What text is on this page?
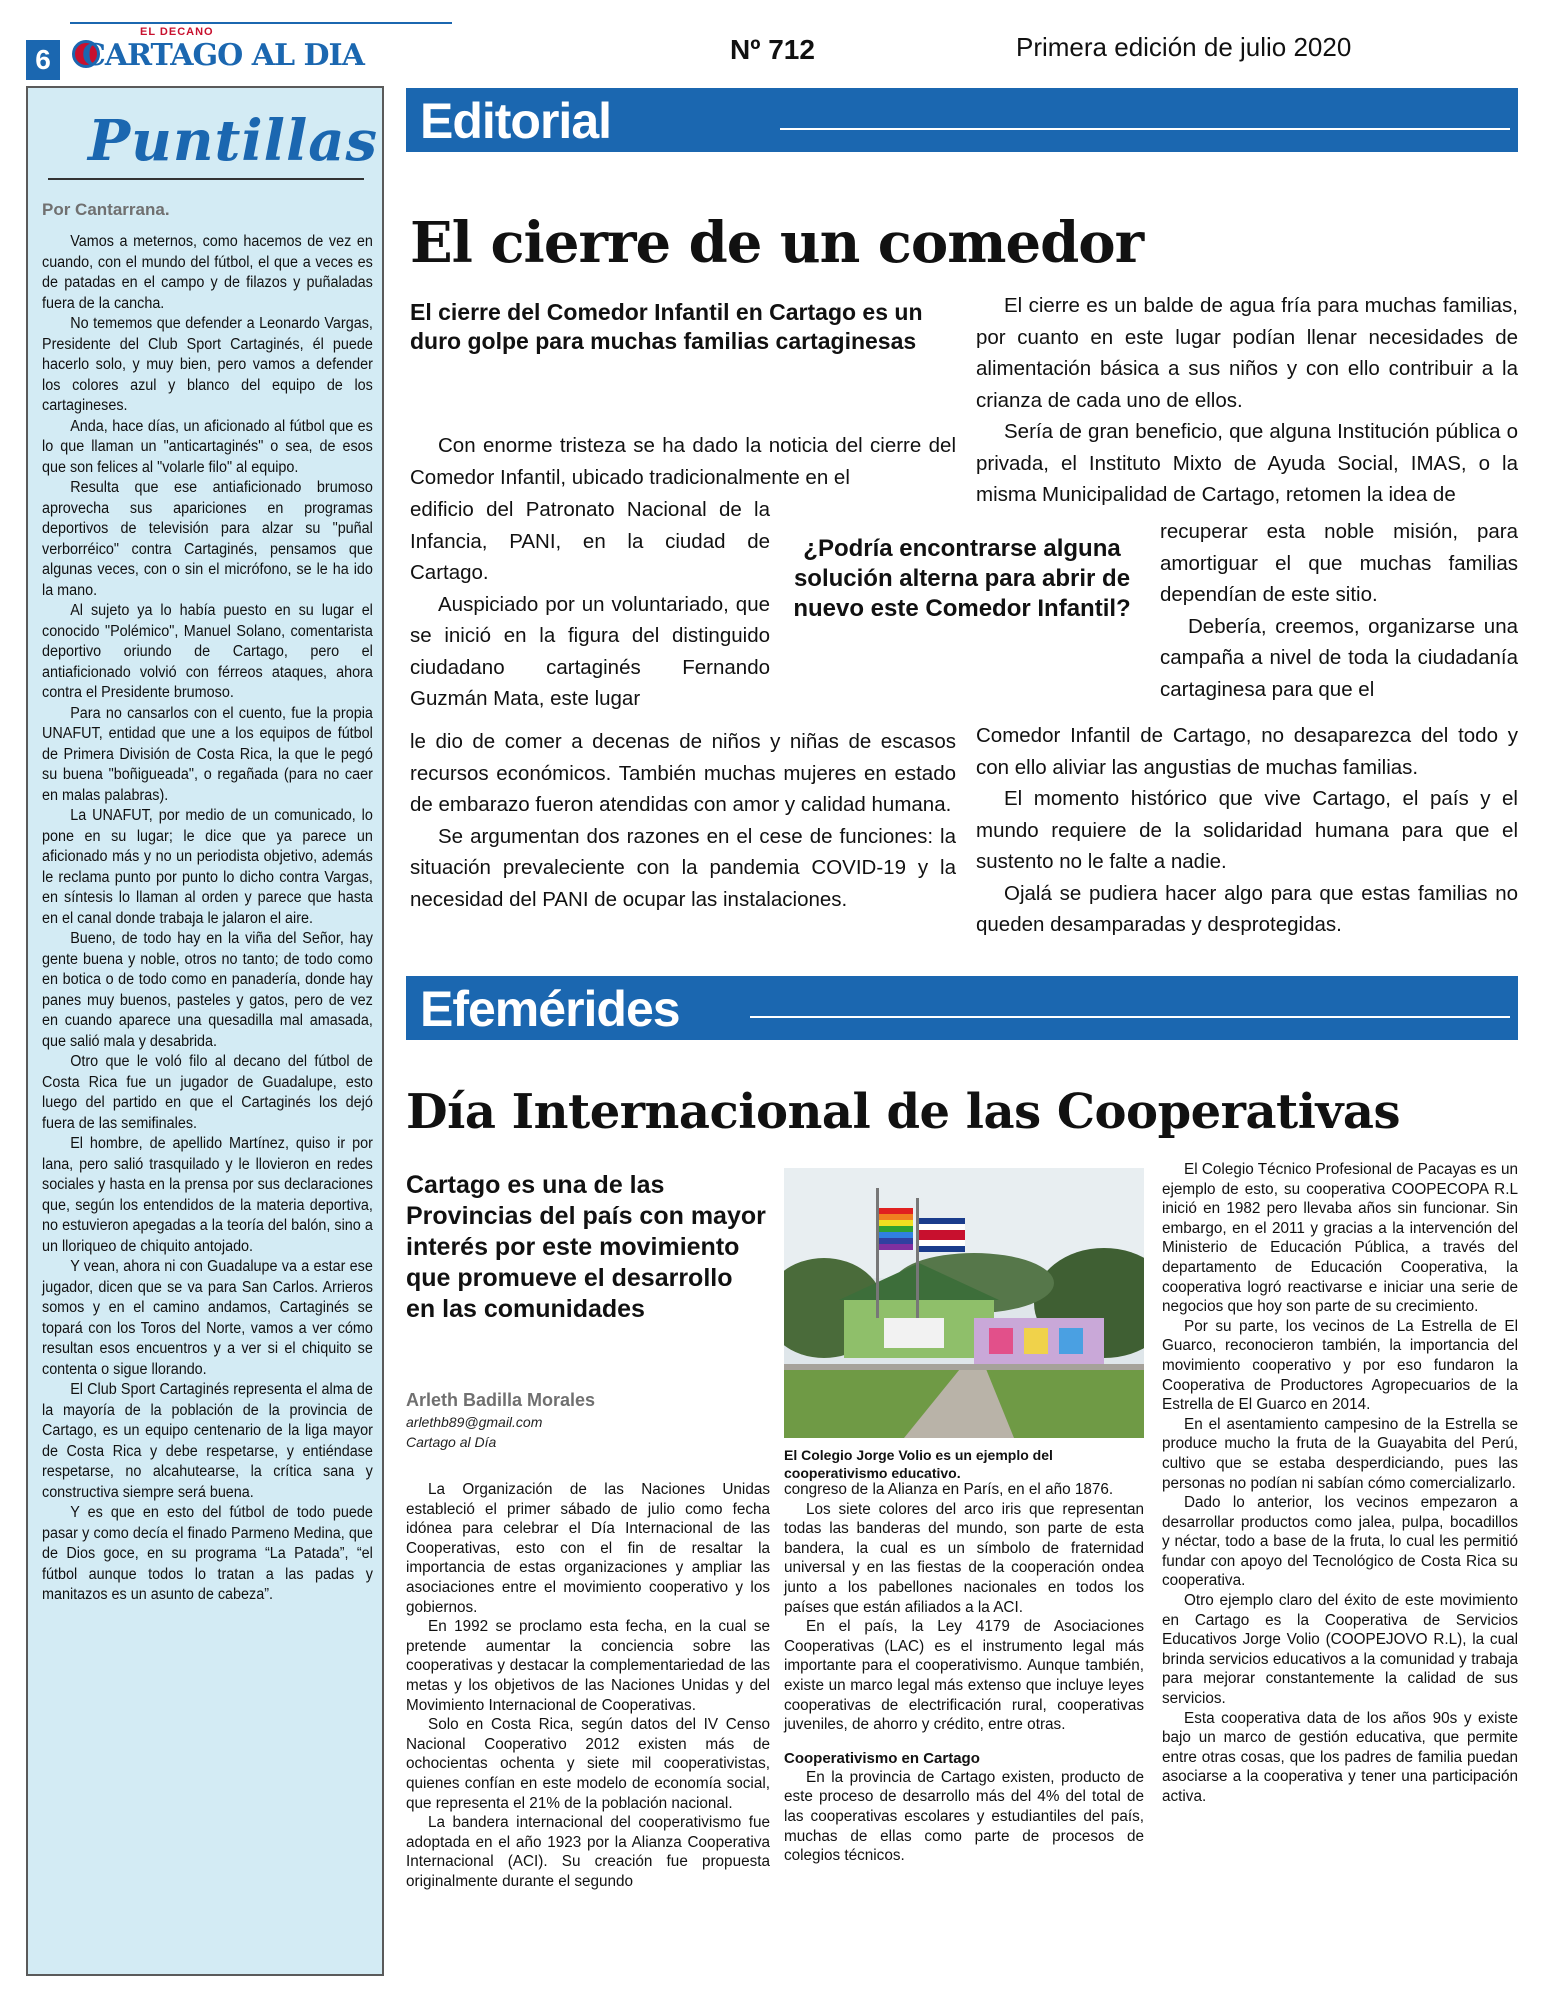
6
EL DECANO
CARTAGO AL DIA	Nº 712	Primera edición de julio 2020
Puntillas
Por Cantarrana.

Vamos a meternos, como hacemos de vez en cuando, con el mundo del fútbol, el que a veces es de patadas en el campo y de filazos y puñaladas fuera de la cancha.

No tememos que defender a Leonardo Vargas, Presidente del Club Sport Cartaginés, él puede hacerlo solo, y muy bien, pero vamos a defender los colores azul y blanco del equipo de los cartagineses.

Anda, hace días, un aficionado al fútbol que es lo que llaman un "anticartaginés" o sea, de esos que son felices al "volarle filo" al equipo.

Resulta que ese antiaficionado brumoso aprovecha sus apariciones en programas deportivos de televisión para alzar su "puñal verborréico" contra Cartaginés, pensamos que algunas veces, con o sin el micrófono, se le ha ido la mano.

Al sujeto ya lo había puesto en su lugar el conocido "Polémico", Manuel Solano, comentarista deportivo oriundo de Cartago, pero el antiaficionado volvió con férreos ataques, ahora contra el Presidente brumoso.

Para no cansarlos con el cuento, fue la propia UNAFUT, entidad que une a los equipos de fútbol de Primera División de Costa Rica, la que le pegó su buena "boñigueada", o regañada (para no caer en malas palabras).

La UNAFUT, por medio de un comunicado, lo pone en su lugar; le dice que ya parece un aficionado más y no un periodista objetivo, además le reclama punto por punto lo dicho contra Vargas, en síntesis lo llaman al orden y parece que hasta en el canal donde trabaja le jalaron el aire.

Bueno, de todo hay en la viña del Señor, hay gente buena y noble, otros no tanto; de todo como en botica o de todo como en panadería, donde hay panes muy buenos, pasteles y gatos, pero de vez en cuando aparece una quesadilla mal amasada, que salió mala y desabrida.

Otro que le voló filo al decano del fútbol de Costa Rica fue un jugador de Guadalupe, esto luego del partido en que el Cartaginés los dejó fuera de las semifinales.

El hombre, de apellido Martínez, quiso ir por lana, pero salió trasquilado y le llovieron en redes sociales y hasta en la prensa por sus declaraciones que, según los entendidos de la materia deportiva, no estuvieron apegadas a la teoría del balón, sino a un lloriqueo de chiquito antojado.

Y vean, ahora ni con Guadalupe va a estar ese jugador, dicen que se va para San Carlos. Arrieros somos y en el camino andamos, Cartaginés se topará con los Toros del Norte, vamos a ver cómo resultan esos encuentros y a ver si el chiquito se contenta o sigue llorando.

El Club Sport Cartaginés representa el alma de la mayoría de la población de la provincia de Cartago, es un equipo centenario de la liga mayor de Costa Rica y debe respetarse, y entiéndase respetarse, no alcahutearse, la crítica sana y constructiva siempre será buena.

Y es que en esto del fútbol de todo puede pasar y como decía el finado Parmeno Medina, que de Dios goce, en su programa “La Patada”, “el fútbol aunque todos lo tratan a las padas y manitazos es un asunto de cabeza”.

Editorial
El cierre de un comedor
El cierre del Comedor Infantil en Cartago es un duro golpe para muchas familias cartaginesas

Con enorme tristeza se ha dado la noticia del cierre del Comedor Infantil, ubicado tradicionalmente en el

edificio del Patronato Nacional de la Infancia, PANI, en la ciudad de Cartago.

Auspiciado por un voluntariado, que se inició en la figura del distinguido ciudadano cartaginés Fernando Guzmán Mata, este lugar

le dio de comer a decenas de niños y niñas de escasos recursos económicos. También muchas mujeres en estado de embarazo fueron atendidas con amor y calidad humana.

Se argumentan dos razones en el cese de funciones: la situación prevaleciente con la pandemia COVID-19 y la necesidad del PANI de ocupar las instalaciones.

¿Podría encontrarse alguna solución alterna para abrir de nuevo este Comedor Infantil?

El cierre es un balde de agua fría para muchas familias, por cuanto en este lugar podían llenar necesidades de alimentación básica a sus niños y con ello contribuir a la crianza de cada uno de ellos.

Sería de gran beneficio, que alguna Institución pública o privada, el Instituto Mixto de Ayuda Social, IMAS, o la misma Municipalidad de Cartago, retomen la idea de

recuperar esta noble misión, para amortiguar el que muchas familias dependían de este sitio.

Debería, creemos, organizarse una campaña a nivel de toda la ciudadanía cartaginesa para que el

Comedor Infantil de Cartago, no desaparezca del todo y con ello aliviar las angustias de muchas familias.

El momento histórico que vive Cartago, el país y el mundo requiere de la solidaridad humana para que el sustento no le falte a nadie.

Ojalá se pudiera hacer algo para que estas familias no queden desamparadas y desprotegidas.

Efemérides
Día Internacional de las Cooperativas
Cartago es una de las Provincias del país con mayor interés por este movimiento que promueve el desarrollo en las comunidades
Arleth Badilla Morales
arlethb89@gmail.com
Cartago al Día
El Colegio Jorge Volio es un ejemplo del cooperativismo educativo.

La Organización de las Naciones Unidas estableció el primer sábado de julio como fecha idónea para celebrar el Día Internacional de las Cooperativas, esto con el fin de resaltar la importancia de estas organizaciones y ampliar las asociaciones entre el movimiento cooperativo y los gobiernos.

En 1992 se proclamo esta fecha, en la cual se pretende aumentar la conciencia sobre las cooperativas y destacar la complementariedad de las metas y los objetivos de las Naciones Unidas y del Movimiento Internacional de Cooperativas.

Solo en Costa Rica, según datos del IV Censo Nacional Cooperativo 2012 existen más de ochocientas ochenta y siete mil cooperativistas, quienes confían en este modelo de economía social, que representa el 21% de la población nacional.

La bandera internacional del cooperativismo fue adoptada en el año 1923 por la Alianza Cooperativa Internacional (ACI). Su creación fue propuesta originalmente durante el segundo

congreso de la Alianza en París, en el año 1876.

Los siete colores del arco iris que representan todas las banderas del mundo, son parte de esta bandera, la cual es un símbolo de fraternidad universal y en las fiestas de la cooperación ondea junto a los pabellones nacionales en todos los países que están afiliados a la ACI.

En el país, la Ley 4179 de Asociaciones Cooperativas (LAC) es el instrumento legal más importante para el cooperativismo. Aunque también, existe un marco legal más extenso que incluye leyes cooperativas de electrificación rural, cooperativas juveniles, de ahorro y crédito, entre otras.

Cooperativismo en Cartago

En la provincia de Cartago existen, producto de este proceso de desarrollo más del 4% del total de las cooperativas escolares y estudiantiles del país, muchas de ellas como parte de procesos de colegios técnicos.

El Colegio Técnico Profesional de Pacayas es un ejemplo de esto, su cooperativa COOPECOPA R.L inició en 1982 pero llevaba años sin funcionar. Sin embargo, en el 2011 y gracias a la intervención del Ministerio de Educación Pública, a través del departamento de Educación Cooperativa, la cooperativa logró reactivarse e iniciar una serie de negocios que hoy son parte de su crecimiento.

Por su parte, los vecinos de La Estrella de El Guarco, reconocieron también, la importancia del movimiento cooperativo y por eso fundaron la Cooperativa de Productores Agropecuarios de la Estrella de El Guarco en 2014.

En el asentamiento campesino de la Estrella se produce mucho la fruta de la Guayabita del Perú, cultivo que se estaba desperdiciando, pues las personas no podían ni sabían cómo comercializarlo.

Dado lo anterior, los vecinos empezaron a desarrollar productos como jalea, pulpa, bocadillos y néctar, todo a base de la fruta, lo cual les permitió fundar con apoyo del Tecnológico de Costa Rica su cooperativa.

Otro ejemplo claro del éxito de este movimiento en Cartago es la Cooperativa de Servicios Educativos Jorge Volio (COOPEJOVO R.L), la cual brinda servicios educativos a la comunidad y trabaja para mejorar constantemente la calidad de sus servicios.

Esta cooperativa data de los años 90s y existe bajo un marco de gestión educativa, que permite entre otras cosas, que los padres de familia puedan asociarse a la cooperativa y tener una participación activa.
